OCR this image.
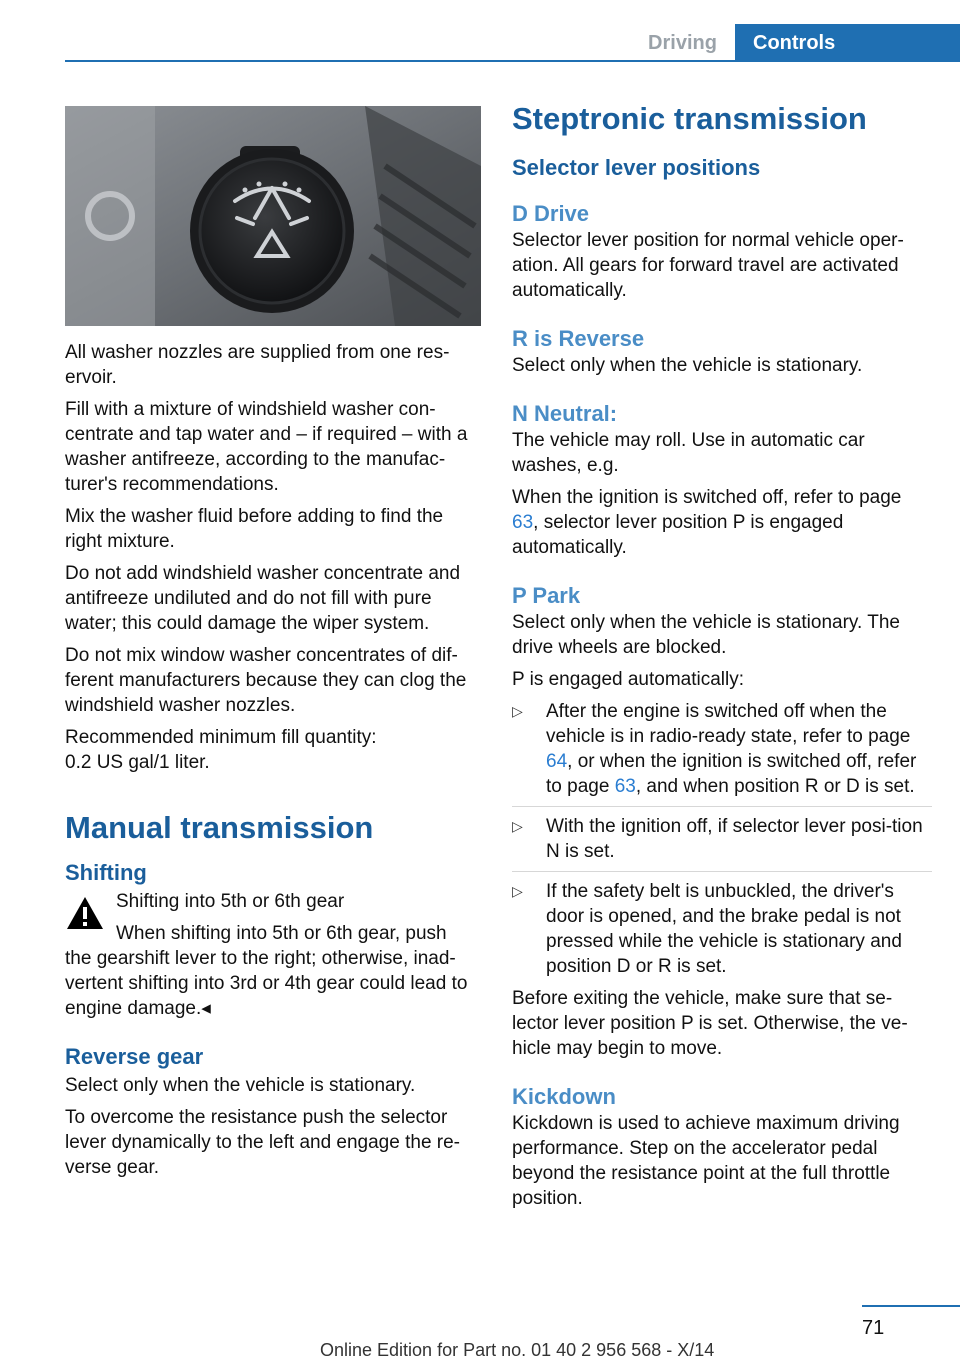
Driving	Controls

All washer nozzles are supplied from one res-ervoir.

Fill with a mixture of windshield washer con-centrate and tap water and – if required – with a washer antifreeze, according to the manufac-turer's recommendations.

Mix the washer fluid before adding to find the right mixture.

Do not add windshield washer concentrate and antifreeze undiluted and do not fill with pure water; this could damage the wiper system.

Do not mix window washer concentrates of dif-ferent manufacturers because they can clog the windshield washer nozzles.

Recommended minimum fill quantity:
0.2 US gal/1 liter.

Manual transmission
Shifting

Shifting into 5th or 6th gear

When shifting into 5th or 6th gear, push

the gearshift lever to the right; otherwise, inad-vertent shifting into 3rd or 4th gear could lead to engine damage.◂

Reverse gear

Select only when the vehicle is stationary.

To overcome the resistance push the selector lever dynamically to the left and engage the re-verse gear.

Steptronic transmission
Selector lever positions
D Drive

Selector lever position for normal vehicle oper-ation. All gears for forward travel are activated automatically.

R is Reverse

Select only when the vehicle is stationary.

N Neutral:

The vehicle may roll. Use in automatic car washes, e.g.

When the ignition is switched off, refer to page 63, selector lever position P is engaged automatically.

P Park

Select only when the vehicle is stationary. The drive wheels are blocked.

P is engaged automatically:

▷ After the engine is switched off when the vehicle is in radio-ready state, refer to page 64, or when the ignition is switched off, refer to page 63, and when position R or D is set.
▷ With the ignition off, if selector lever posi-tion N is set.
▷ If the safety belt is unbuckled, the driver's door is opened, and the brake pedal is not pressed while the vehicle is stationary and position D or R is set.

Before exiting the vehicle, make sure that se-lector lever position P is set. Otherwise, the ve-hicle may begin to move.

Kickdown

Kickdown is used to achieve maximum driving performance. Step on the accelerator pedal beyond the resistance point at the full throttle position.

71
Online Edition for Part no. 01 40 2 956 568 - X/14
